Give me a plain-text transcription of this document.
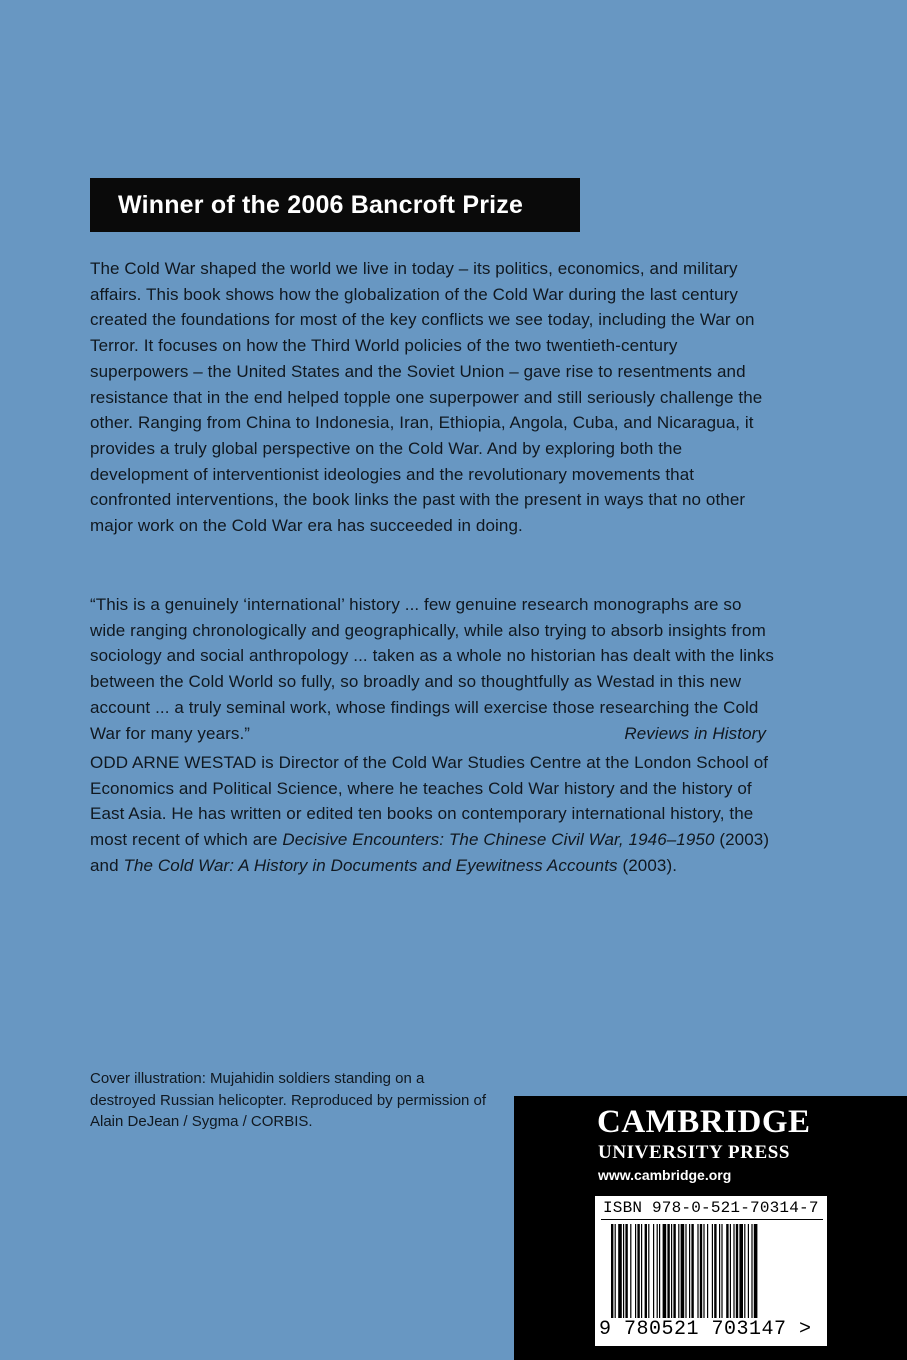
Winner of the 2006 Bancroft Prize
The Cold War shaped the world we live in today – its politics, economics, and military affairs. This book shows how the globalization of the Cold War during the last century created the foundations for most of the key conflicts we see today, including the War on Terror. It focuses on how the Third World policies of the two twentieth-century superpowers – the United States and the Soviet Union – gave rise to resentments and resistance that in the end helped topple one superpower and still seriously challenge the other. Ranging from China to Indonesia, Iran, Ethiopia, Angola, Cuba, and Nicaragua, it provides a truly global perspective on the Cold War. And by exploring both the development of interventionist ideologies and the revolutionary movements that confronted interventions, the book links the past with the present in ways that no other major work on the Cold War era has succeeded in doing.
“This is a genuinely ‘international’ history ... few genuine research monographs are so wide ranging chronologically and geographically, while also trying to absorb insights from sociology and social anthropology ... taken as a whole no historian has dealt with the links between the Cold World so fully, so broadly and so thoughtfully as Westad in this new account ... a truly seminal work, whose findings will exercise those researching the Cold War for many years.”	Reviews in History
ODD ARNE WESTAD is Director of the Cold War Studies Centre at the London School of Economics and Political Science, where he teaches Cold War history and the history of East Asia. He has written or edited ten books on contemporary international history, the most recent of which are Decisive Encounters: The Chinese Civil War, 1946–1950 (2003) and The Cold War: A History in Documents and Eyewitness Accounts (2003).
Cover illustration: Mujahidin soldiers standing on a destroyed Russian helicopter. Reproduced by permission of Alain DeJean / Sygma / CORBIS.	CAMBRIDGE
UNIVERSITY PRESS
www.cambridge.org
ISBN 978-0-521-70314-7
9 780521 703147 >
